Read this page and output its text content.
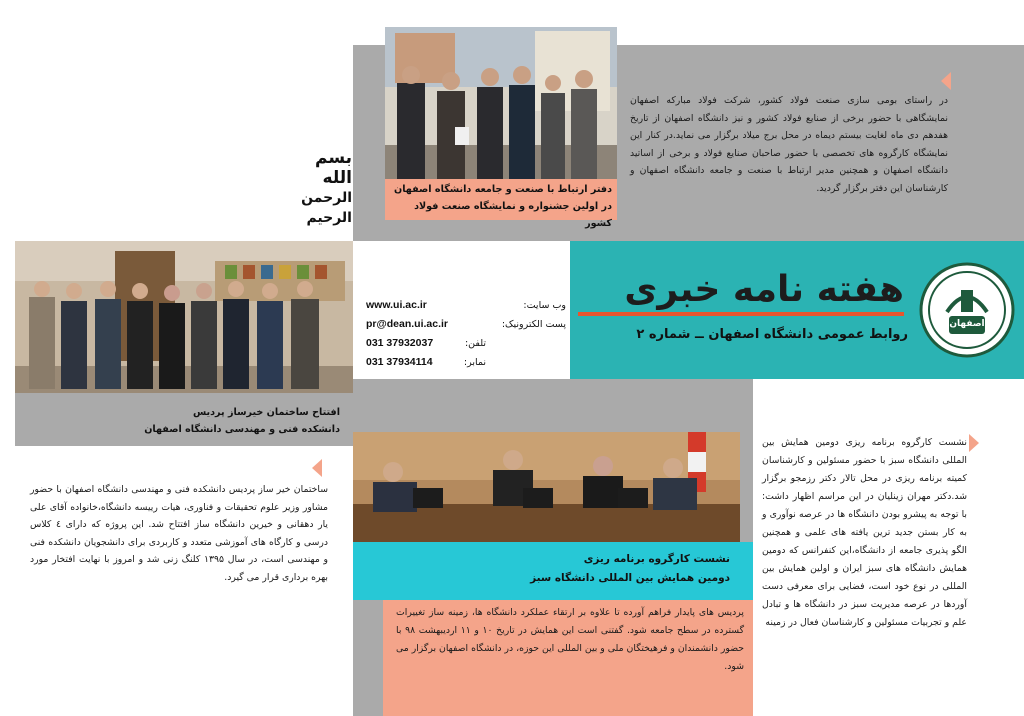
دفتر ارتباط با صنعت و جامعه دانشگاه اصفهان
در اولین جشنواره و نمایشگاه صنعت فولاد کشور
در راستای بومی سازی صنعت فولاد کشور، شرکت فولاد مبارکه اصفهان نمایشگاهی با حضور برخی از صنایع فولاد کشور و نیز دانشگاه اصفهان از تاریخ هفدهم دی ماه لغایت بیستم دیماه در محل برج میلاد برگزار می نماید.در کنار این نمایشگاه کارگروه های تخصصی با حضور صاحبان صنایع فولاد و برخی از اساتید دانشگاه اصفهان و همچنین مدیر ارتباط با صنعت و جامعه دانشگاه اصفهان و کارشناسان این دفتر برگزار گردید.
بسم
الله
الرحمن
الرحیم
افتتاح ساختمان خیرساز پردیس
دانشکده فنی و مهندسی دانشگاه اصفهان
www.ui.ac.ir	وب سایت:
pr@dean.ui.ac.ir	پست الکترونیک:
031 37932037	تلفن:
031 37934114	نمابر:
اصفهان
هفته نامه خبری
روابط عمومی دانشگاه اصفهان ــ شماره ۲
ساختمان خیر ساز پردیس دانشکده فنی و مهندسی دانشگاه اصفهان با حضور مشاور وزیر علوم تحقیقات و فناوری، هیات رییسه دانشگاه،خانواده آقای علی یار دهقانی و خیرین دانشگاه ساز افتتاح شد. این پروژه که دارای ٤ کلاس درسی و کارگاه های آموزشی متعدد و کاربردی برای دانشجویان دانشکده فنی و مهندسی است، در سال ۱۳۹۵ کلنگ زنی شد و امروز با نهایت افتخار مورد بهره برداری قرار می گیرد.
نشست کارگروه برنامه ریزی
دومین همایش بین المللی دانشگاه سبز
پردیس های پایدار فراهم آورده تا علاوه بر ارتقاء عملکرد دانشگاه ها، زمینه ساز تغییرات گسترده در سطح جامعه شود. گفتنی است این همایش در تاریخ ۱۰ و ۱۱ اردیبهشت ۹۸ با حضور دانشمندان و فرهیختگان ملی و بین المللی این حوزه، در دانشگاه اصفهان برگزار می شود.
نشست کارگروه برنامه ریزی دومین همایش بین المللی دانشگاه سبز با حضور مسئولین و کارشناسان کمیته برنامه ریزی در محل تالار دکتر رزمجو برگزار شد.دکتر مهران زینلیان در این مراسم اظهار داشت: با توجه به پیشرو بودن دانشگاه ها در عرصه نوآوری و به کار بستن جدید ترین یافته های علمی و همچنین الگو پذیری جامعه از دانشگاه،این کنفرانس که دومین همایش دانشگاه های سبز ایران و اولین همایش بین المللی در نوع خود است، فضایی برای معرفی دست آوردها در عرصه مدیریت سبز در دانشگاه ها و تبادل علم و تجربیات مسئولین و کارشناسان فعال در زمینه
